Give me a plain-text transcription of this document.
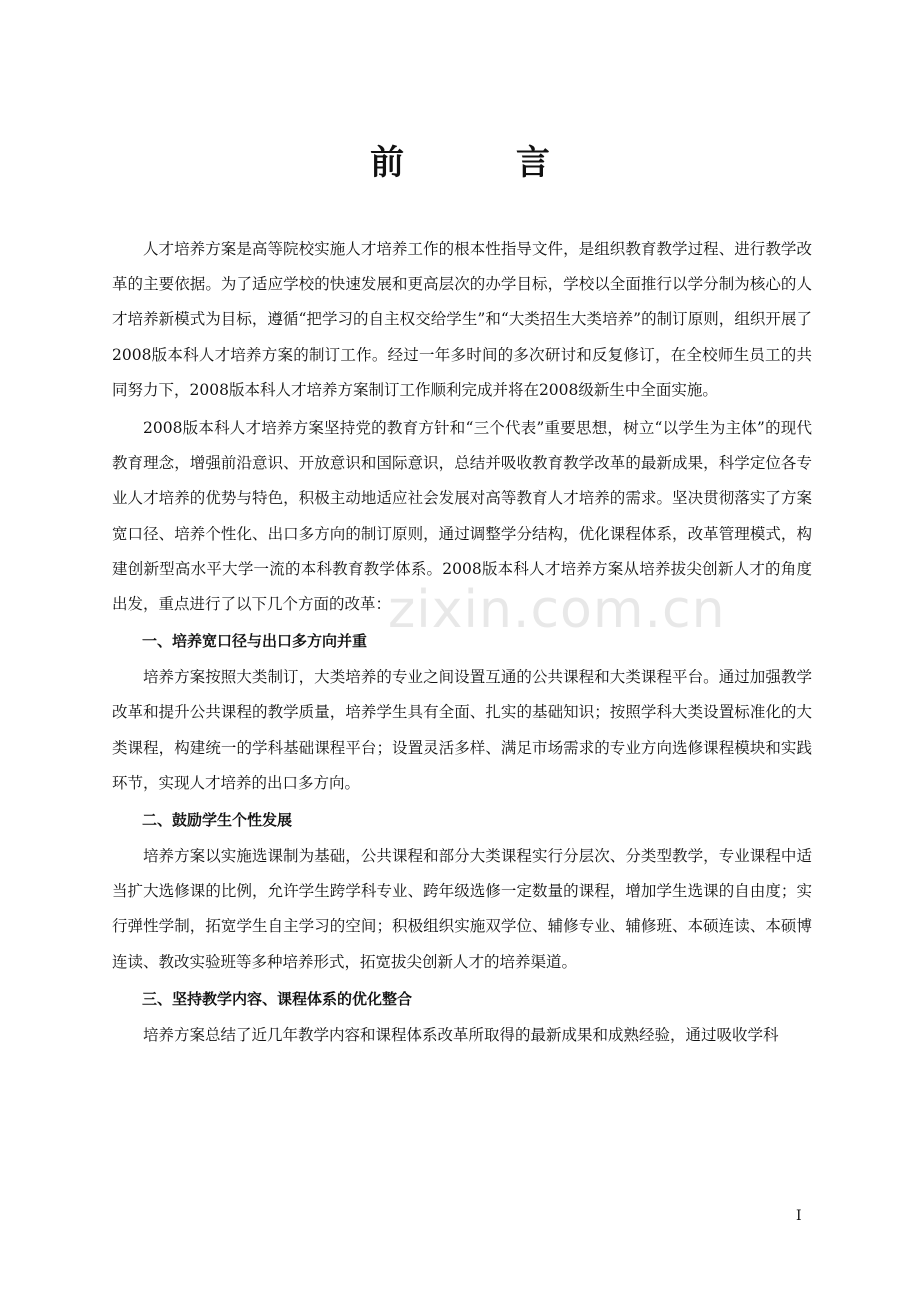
前 言

人才培养方案是高等院校实施人才培养工作的根本性指导文件，是组织教育教学过程、进行教学改革的主要依据。为了适应学校的快速发展和更高层次的办学目标，学校以全面推行以学分制为核心的人才培养新模式为目标，遵循“把学习的自主权交给学生”和“大类招生大类培养”的制订原则，组织开展了2008版本科人才培养方案的制订工作。经过一年多时间的多次研讨和反复修订，在全校师生员工的共同努力下，2008版本科人才培养方案制订工作顺利完成并将在2008级新生中全面实施。

2008版本科人才培养方案坚持党的教育方针和“三个代表”重要思想，树立“以学生为主体”的现代教育理念，增强前沿意识、开放意识和国际意识，总结并吸收教育教学改革的最新成果，科学定位各专业人才培养的优势与特色，积极主动地适应社会发展对高等教育人才培养的需求。坚决贯彻落实了方案宽口径、培养个性化、出口多方向的制订原则，通过调整学分结构，优化课程体系，改革管理模式，构建创新型高水平大学一流的本科教育教学体系。2008版本科人才培养方案从培养拔尖创新人才的角度出发，重点进行了以下几个方面的改革：

一、培养宽口径与出口多方向并重

培养方案按照大类制订，大类培养的专业之间设置互通的公共课程和大类课程平台。通过加强教学改革和提升公共课程的教学质量，培养学生具有全面、扎实的基础知识；按照学科大类设置标准化的大类课程，构建统一的学科基础课程平台；设置灵活多样、满足市场需求的专业方向选修课程模块和实践环节，实现人才培养的出口多方向。

二、鼓励学生个性发展

培养方案以实施选课制为基础，公共课程和部分大类课程实行分层次、分类型教学，专业课程中适当扩大选修课的比例，允许学生跨学科专业、跨年级选修一定数量的课程，增加学生选课的自由度；实行弹性学制，拓宽学生自主学习的空间；积极组织实施双学位、辅修专业、辅修班、本硕连读、本硕博连读、教改实验班等多种培养形式，拓宽拔尖创新人才的培养渠道。

三、坚持教学内容、课程体系的优化整合

培养方案总结了近几年教学内容和课程体系改革所取得的最新成果和成熟经验，通过吸收学科

zixin.com.cn
I
